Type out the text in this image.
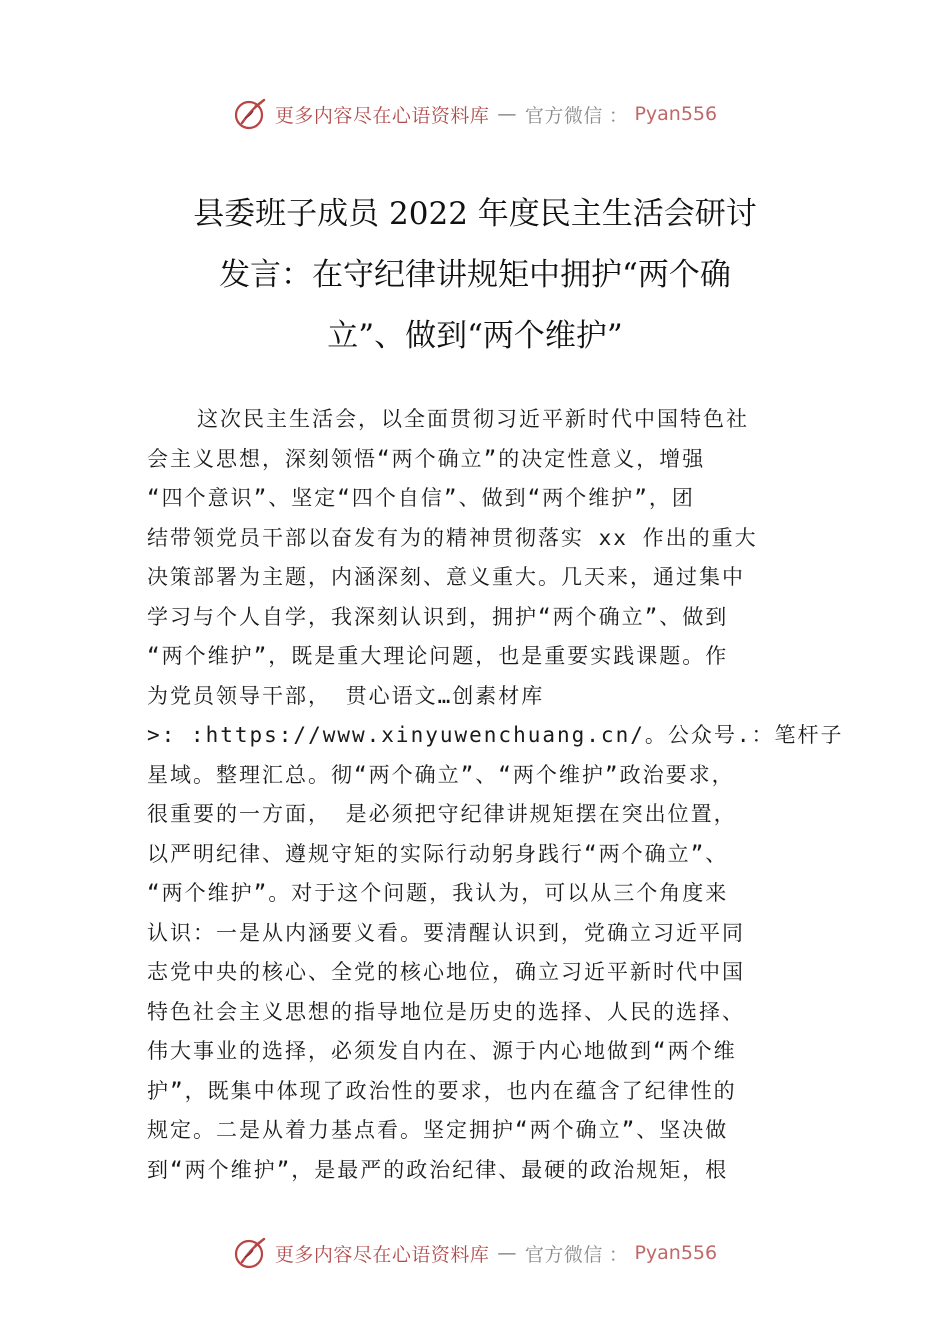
更多内容尽在心语资料库 — 官方微信 ： Pyan556
县委班子成员 2022 年度民主生活会研讨
发言：在守纪律讲规矩中拥护“两个确
立”、做到“两个维护”
这次民主生活会，以全面贯彻习近平新时代中国特色社
会主义思想，深刻领悟“两个确立”的决定性意义，增强
“四个意识”、坚定“四个自信”、做到“两个维护”，团
结带领党员干部以奋发有为的精神贯彻落实 xx 作出的重大
决策部署为主题，内涵深刻、意义重大。几天来，通过集中
学习与个人自学，我深刻认识到，拥护“两个确立”、做到
“两个维护”，既是重大理论问题，也是重要实践课题。作
为党员领导干部， 贯心语文…创素材库
>: :https://www.xinyuwenchuang.cn/。公众号.：笔杆子
星域。整理汇总。彻“两个确立”、“两个维护”政治要求，
很重要的一方面， 是必须把守纪律讲规矩摆在突出位置，
以严明纪律、遵规守矩的实际行动躬身践行“两个确立”、
“两个维护”。对于这个问题，我认为，可以从三个角度来
认识：一是从内涵要义看。要清醒认识到，党确立习近平同
志党中央的核心、全党的核心地位，确立习近平新时代中国
特色社会主义思想的指导地位是历史的选择、人民的选择、
伟大事业的选择，必须发自内在、源于内心地做到“两个维
护”，既集中体现了政治性的要求，也内在蕴含了纪律性的
规定。二是从着力基点看。坚定拥护“两个确立”、坚决做
到“两个维护”，是最严的政治纪律、最硬的政治规矩，根
更多内容尽在心语资料库 — 官方微信 ： Pyan556
